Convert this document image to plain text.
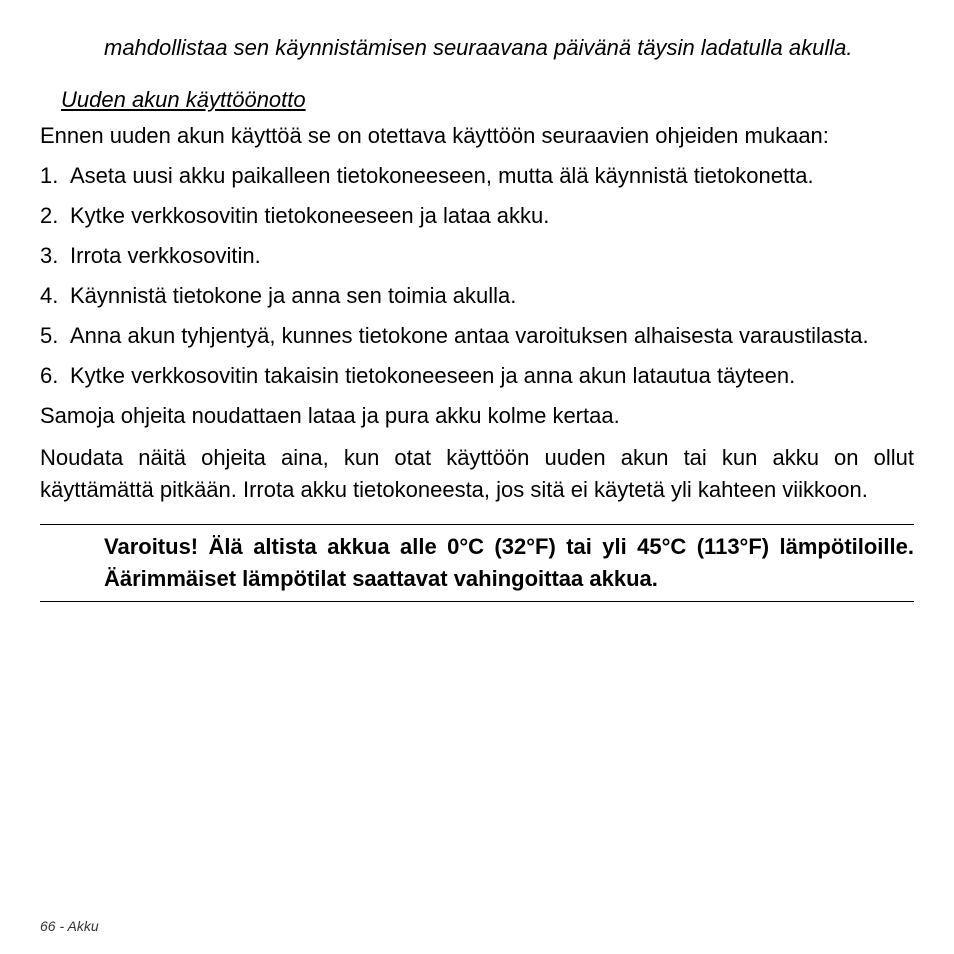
mahdollistaa sen käynnistämisen seuraavana päivänä täysin ladatulla akulla.

Uuden akun käyttöönotto

Ennen uuden akun käyttöä se on otettava käyttöön seuraavien ohjeiden mukaan:

1. Aseta uusi akku paikalleen tietokoneeseen, mutta älä käynnistä tietokonetta.
2. Kytke verkkosovitin tietokoneeseen ja lataa akku.
3. Irrota verkkosovitin.
4. Käynnistä tietokone ja anna sen toimia akulla.
5. Anna akun tyhjentyä, kunnes tietokone antaa varoituksen alhaisesta varaustilasta.
6. Kytke verkkosovitin takaisin tietokoneeseen ja anna akun latautua täyteen.

Samoja ohjeita noudattaen lataa ja pura akku kolme kertaa.

Noudata näitä ohjeita aina, kun otat käyttöön uuden akun tai kun akku on ollut käyttämättä pitkään. Irrota akku tietokoneesta, jos sitä ei käytetä yli kahteen viikkoon.

Varoitus! Älä altista akkua alle 0°C (32°F) tai yli 45°C (113°F) lämpötiloille. Äärimmäiset lämpötilat saattavat vahingoittaa akkua.

66 - Akku
